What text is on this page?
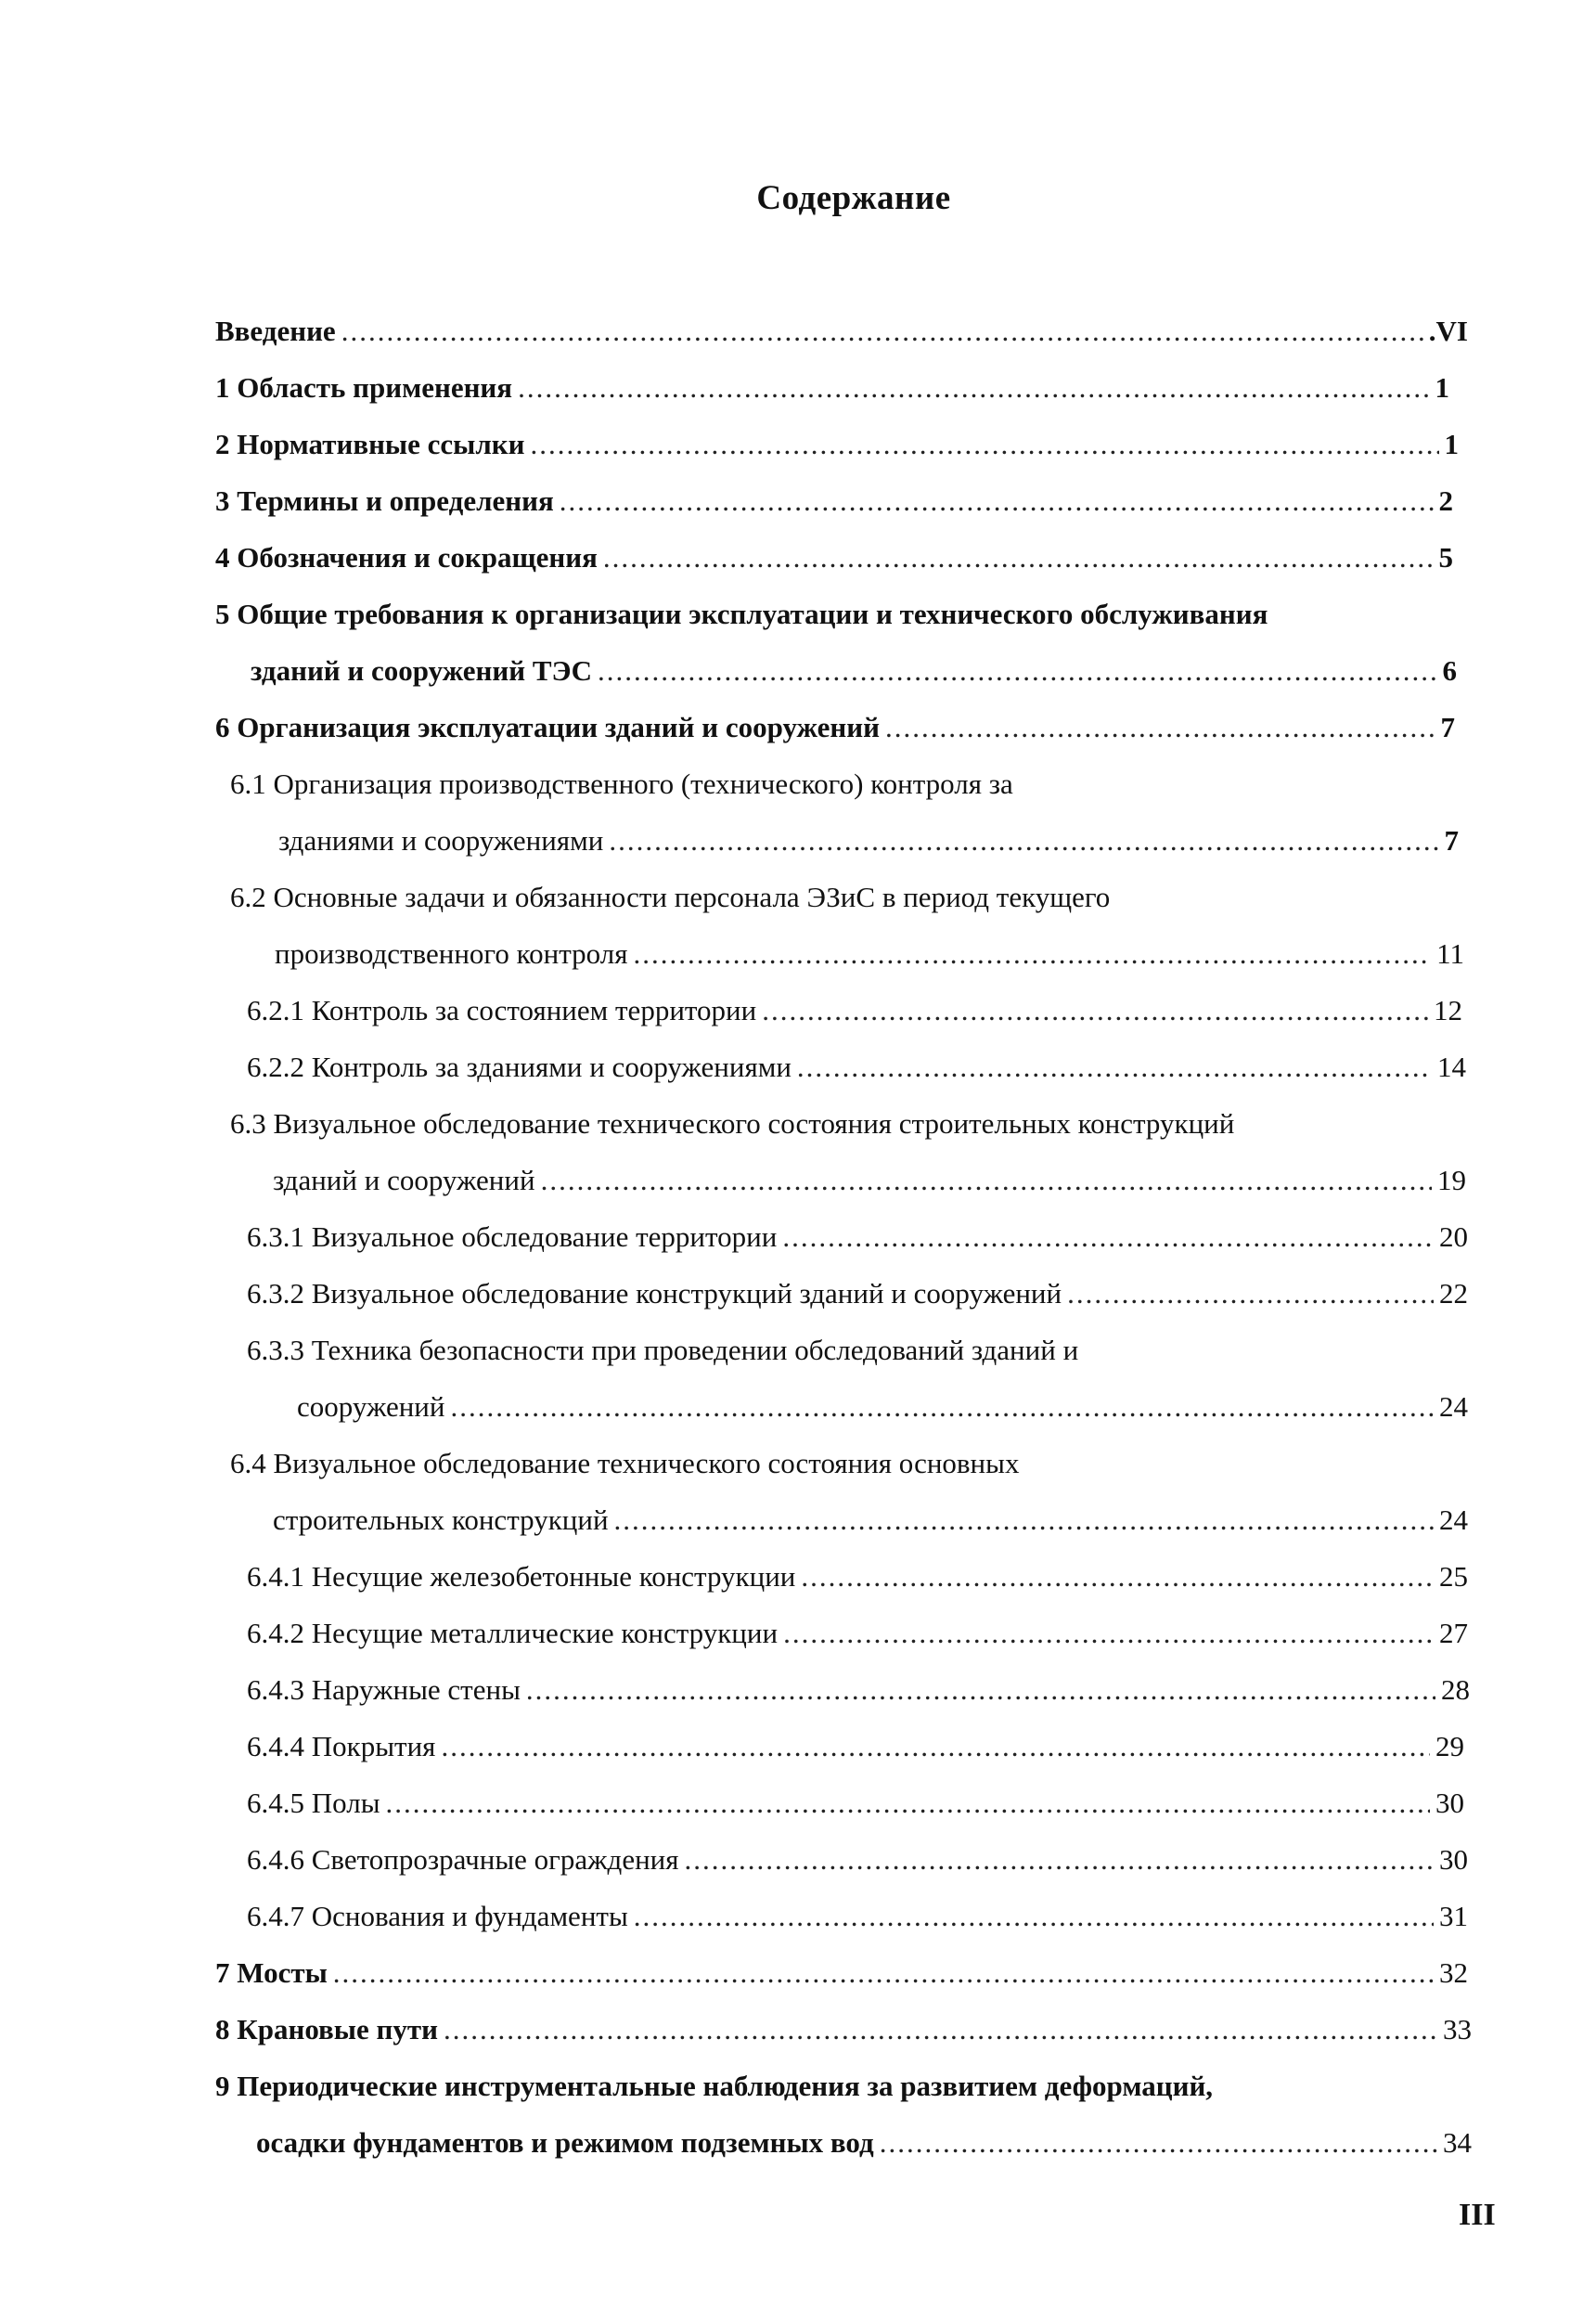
Содержание
Введение .....	.VI
1 Область применения .....	1
2 Нормативные ссылки .....	1
3 Термины и определения .....	2
4 Обозначения и сокращения .....	5
5 Общие требования к организации эксплуатации и технического обслуживания
зданий и сооружений ТЭС .....	6
6 Организация эксплуатации зданий и сооружений .....	7
6.1 Организация производственного (технического) контроля за
зданиями и сооружениями .....	7
6.2 Основные задачи и обязанности персонала ЭЗиС в период текущего
производственного контроля .....	11
6.2.1 Контроль за состоянием территории .....	12
6.2.2 Контроль за зданиями и сооружениями .....	14
6.3 Визуальное обследование технического состояния строительных конструкций
зданий и сооружений .....	19
6.3.1 Визуальное обследование территории .....	20
6.3.2 Визуальное обследование конструкций зданий и сооружений .....	22
6.3.3 Техника безопасности при проведении обследований зданий и
сооружений .....	24
6.4 Визуальное обследование технического состояния основных
строительных конструкций .....	24
6.4.1 Несущие железобетонные конструкции .....	25
6.4.2 Несущие металлические конструкции .....	27
6.4.3 Наружные стены .....	28
6.4.4 Покрытия .....	29
6.4.5 Полы .....	30
6.4.6 Светопрозрачные ограждения .....	30
6.4.7 Основания и фундаменты .....	31
7 Мосты .....	32
8 Крановые пути .....	33
9 Периодические инструментальные наблюдения за развитием деформаций,
осадки фундаментов и режимом подземных вод .....	34
III
